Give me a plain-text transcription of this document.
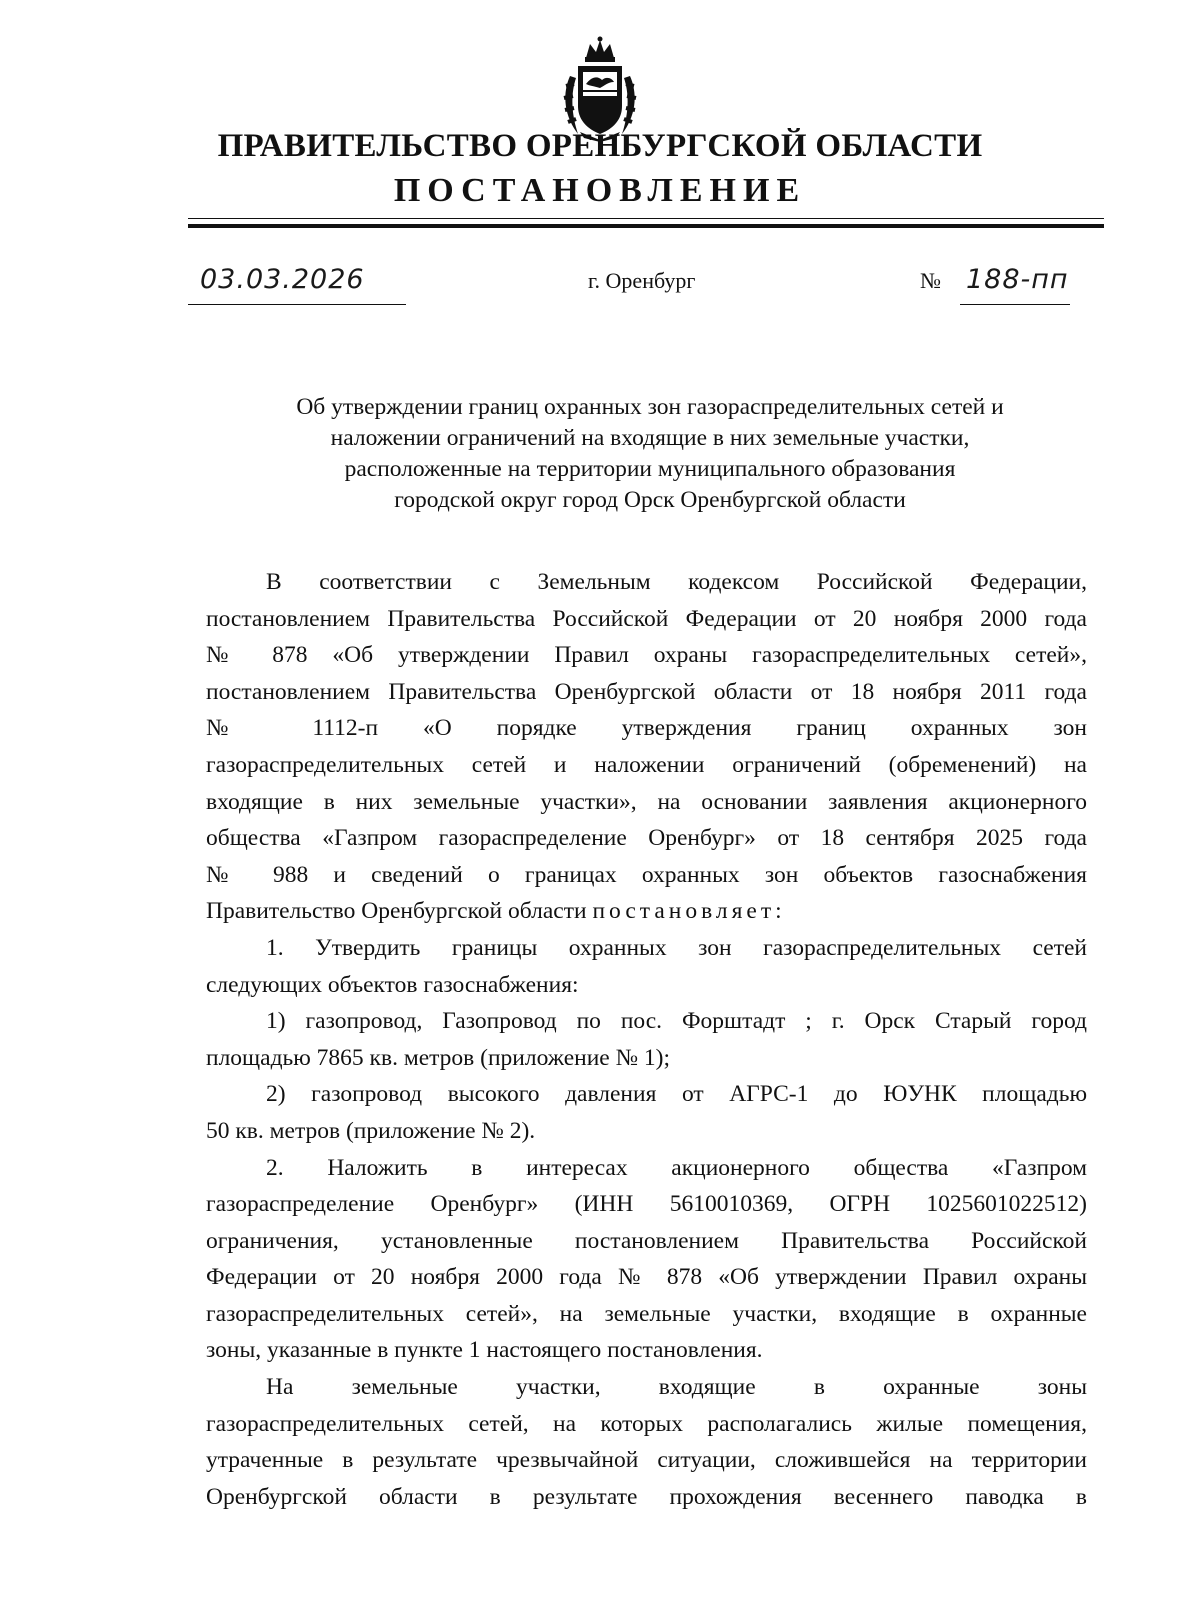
ПРАВИТЕЛЬСТВО ОРЕНБУРГСКОЙ ОБЛАСТИ
ПОСТАНОВЛЕНИЕ
03.03.2026	г. Оренбург	№ 188-пп
Об утверждении границ охранных зон газораспределительных сетей и
наложении ограничений на входящие в них земельные участки,
расположенные на территории муниципального образования
городской округ город Орск Оренбургской области
В соответствии с Земельным кодексом Российской Федерации,
постановлением Правительства Российской Федерации от 20 ноября 2000 года
№ 878 «Об утверждении Правил охраны газораспределительных сетей»,
постановлением Правительства Оренбургской области от 18 ноября 2011 года
№ 1112-п «О порядке утверждения границ охранных зон
газораспределительных сетей и наложении ограничений (обременений) на
входящие в них земельные участки», на основании заявления акционерного
общества «Газпром газораспределение Оренбург» от 18 сентября 2025 года
№ 988 и сведений о границах охранных зон объектов газоснабжения
Правительство Оренбургской области постановляет:
1. Утвердить границы охранных зон газораспределительных сетей
следующих объектов газоснабжения:
1) газопровод, Газопровод по пос. Форштадт ; г. Орск Старый город
площадью 7865 кв. метров (приложение № 1);
2) газопровод высокого давления от АГРС-1 до ЮУНК площадью
50 кв. метров (приложение № 2).
2. Наложить в интересах акционерного общества «Газпром
газораспределение Оренбург» (ИНН 5610010369, ОГРН 1025601022512)
ограничения, установленные постановлением Правительства Российской
Федерации от 20 ноября 2000 года № 878 «Об утверждении Правил охраны
газораспределительных сетей», на земельные участки, входящие в охранные
зоны, указанные в пункте 1 настоящего постановления.
На земельные участки, входящие в охранные зоны
газораспределительных сетей, на которых располагались жилые помещения,
утраченные в результате чрезвычайной ситуации, сложившейся на территории
Оренбургской области в результате прохождения весеннего паводка в
